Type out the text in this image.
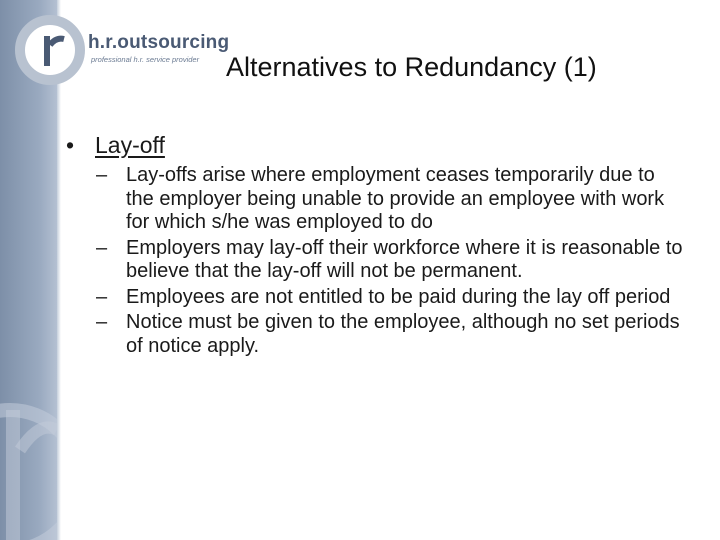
h.r.outsourcing
professional h.r. service provider Alternatives to Redundancy (1)
• Lay-off
– Lay-offs arise where employment ceases temporarily due to the employer being unable to provide an employee with work for which s/he was employed to do
– Employers may lay-off their workforce where it is reasonable to believe that the lay-off will not be permanent.
– Employees are not entitled to be paid during the lay off period
– Notice must be given to the employee, although no set periods of notice apply.
